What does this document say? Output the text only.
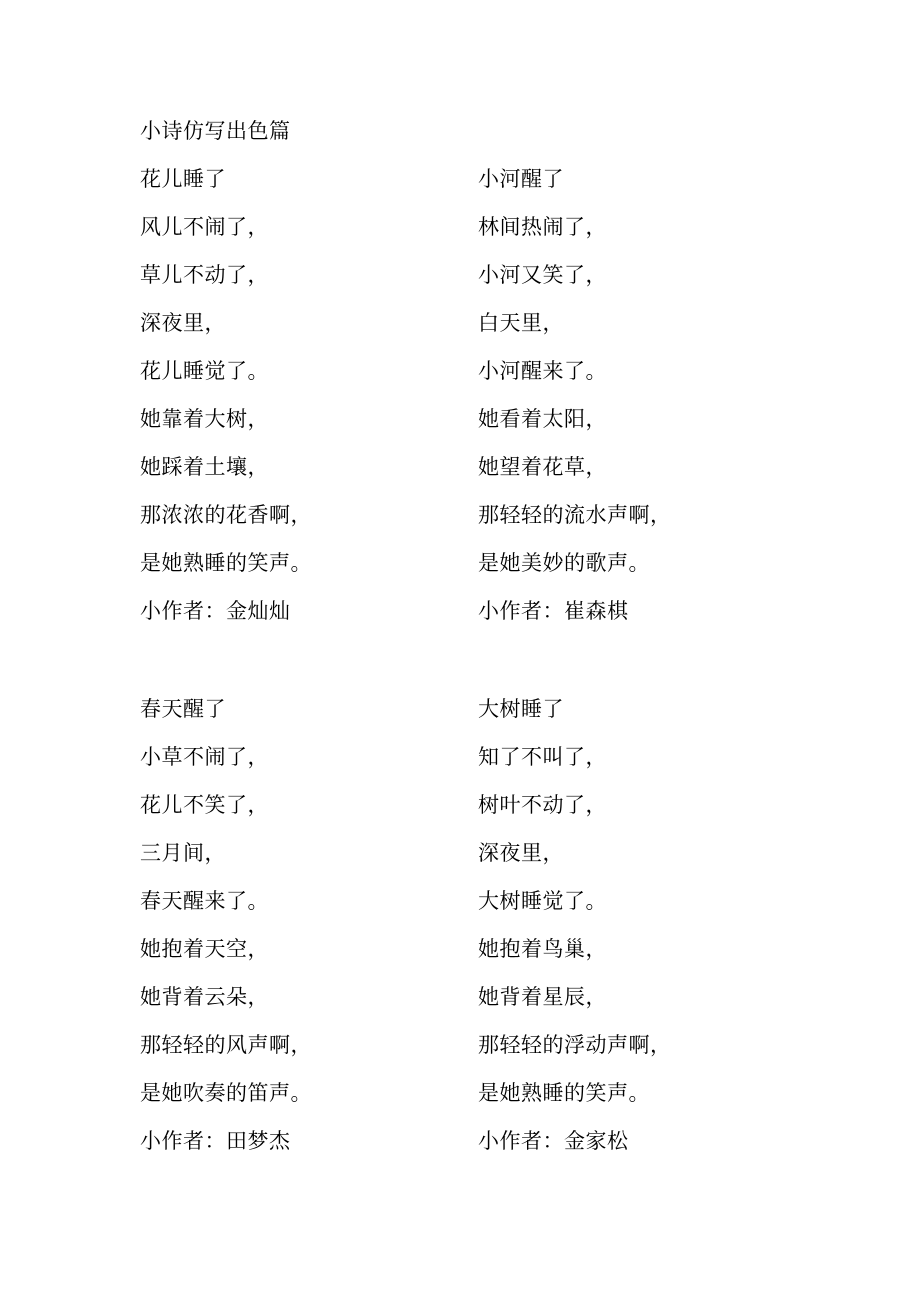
小诗仿写出色篇
花儿睡了
风儿不闹了，
草儿不动了，
深夜里，
花儿睡觉了。
她靠着大树，
她踩着土壤，
那浓浓的花香啊，
是她熟睡的笑声。
小作者：金灿灿
小河醒了
林间热闹了，
小河又笑了，
白天里，
小河醒来了。
她看着太阳，
她望着花草，
那轻轻的流水声啊，
是她美妙的歌声。
小作者：崔森棋
春天醒了
小草不闹了，
花儿不笑了，
三月间，
春天醒来了。
她抱着天空，
她背着云朵，
那轻轻的风声啊，
是她吹奏的笛声。
小作者：田梦杰
大树睡了
知了不叫了，
树叶不动了，
深夜里，
大树睡觉了。
她抱着鸟巢，
她背着星辰，
那轻轻的浮动声啊，
是她熟睡的笑声。
小作者：金家松
